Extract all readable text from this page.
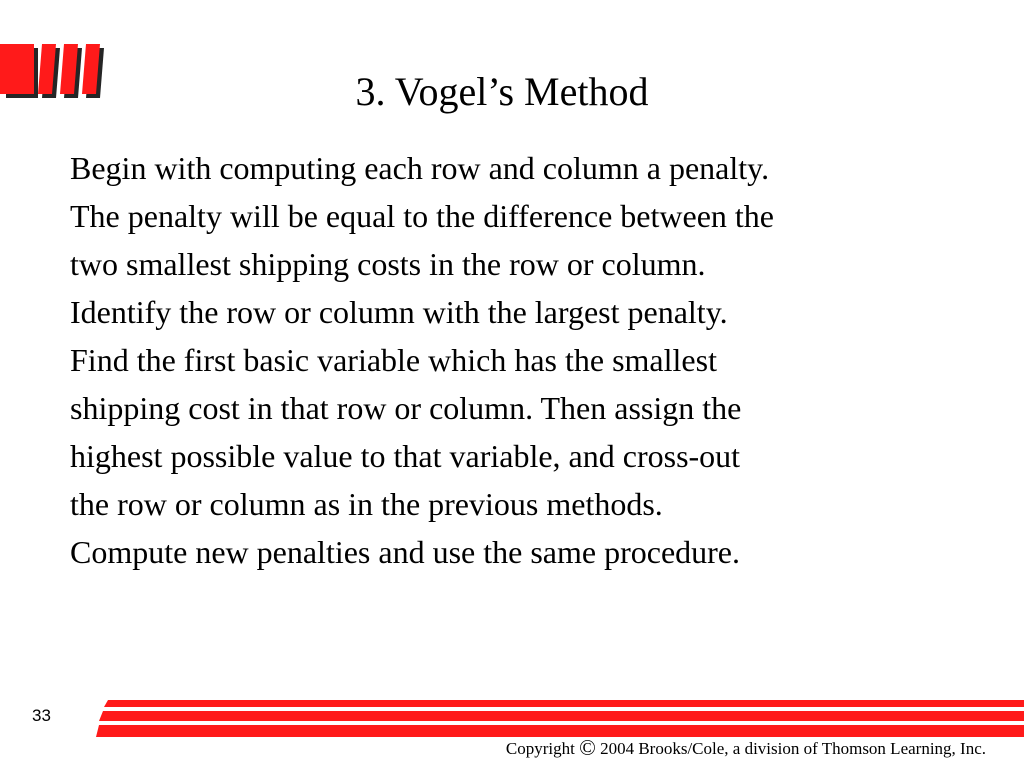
3. Vogel’s Method
Begin with computing each row and column a penalty.
The penalty will be equal to the difference between the
two smallest shipping costs in the row or column.
Identify the row or column with the largest penalty.
Find the first basic variable which has the smallest
shipping cost in that row or column. Then assign the
highest possible value to that variable, and cross-out
the row or column as in the previous methods.
Compute new penalties and use the same procedure.
33
Copyright © 2004 Brooks/Cole, a division of Thomson Learning, Inc.
